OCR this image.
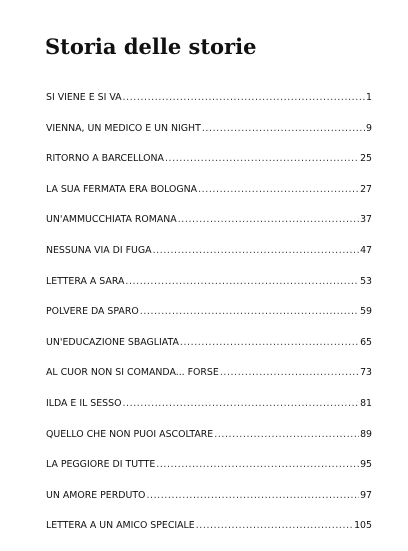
Storia delle storie
SI VIENE E SI VA .....	1
VIENNA, UN MEDICO E UN NIGHT .....	9
RITORNO A BARCELLONA .....	25
LA SUA FERMATA ERA BOLOGNA .....	27
UN'AMMUCCHIATA ROMANA .....	37
NESSUNA VIA DI FUGA .....	47
LETTERA A SARA .....	53
POLVERE DA SPARO .....	59
UN'EDUCAZIONE SBAGLIATA .....	65
AL CUOR NON SI COMANDA... FORSE .....	73
ILDA E IL SESSO .....	81
QUELLO CHE NON PUOI ASCOLTARE .....	89
LA PEGGIORE DI TUTTE .....	95
UN AMORE PERDUTO .....	97
LETTERA A UN AMICO SPECIALE .....	105
